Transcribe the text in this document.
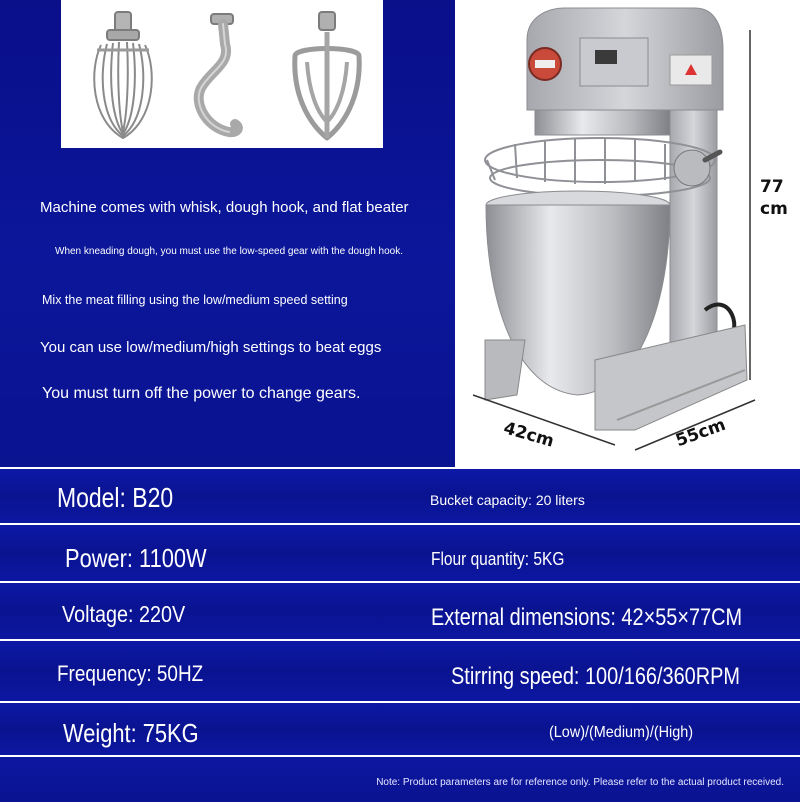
Machine comes with whisk, dough hook, and flat beater
When kneading dough, you must use the low-speed gear with the dough hook.
Mix the meat filling using the low/medium speed setting
You can use low/medium/high settings to beat eggs
You must turn off the power to change gears.
77 cm
42cm	55cm
Model: B20	Bucket capacity: 20 liters
Power: 1100W	Flour quantity: 5KG
Voltage: 220V	External dimensions: 42×55×77CM
Frequency: 50HZ	Stirring speed: 100/166/360RPM
Weight: 75KG	(Low)/(Medium)/(High)
Note: Product parameters are for reference only. Please refer to the actual product received.
